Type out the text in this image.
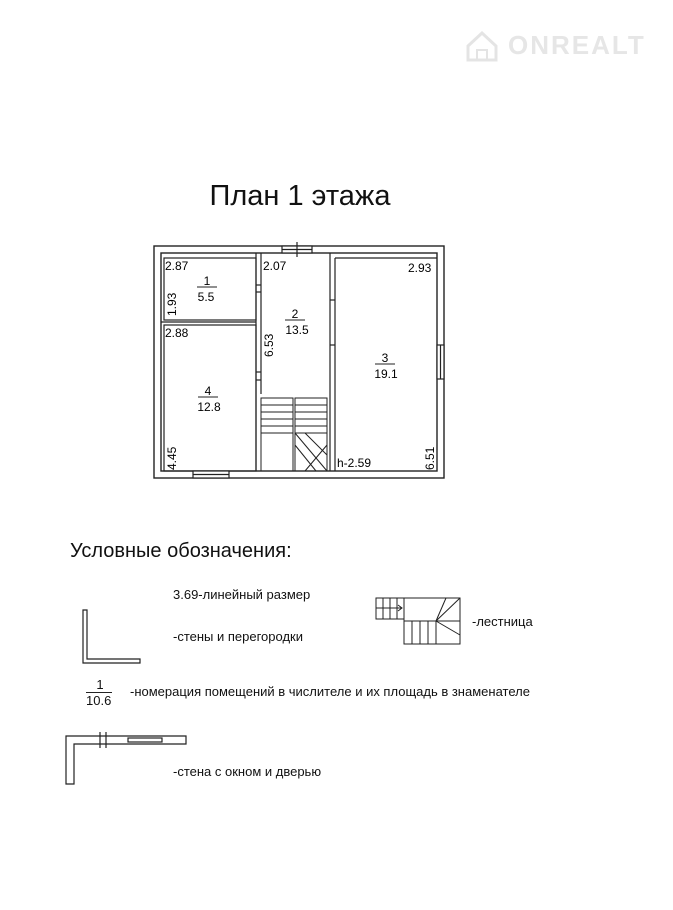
ONREALT
План 1 этажа
1
5.5
2
13.5
3
19.1
4
12.8
2.87
1.93
2.07	2.93
2.88
6.53
4.45	6.51
h-2.59
Условные обозначения:
3.69-линейный размер
-стены и перегородки
-лестница
1
10.6
-номерация помещений в числителе и их площадь в знаменателе
-стена с окном и дверью
